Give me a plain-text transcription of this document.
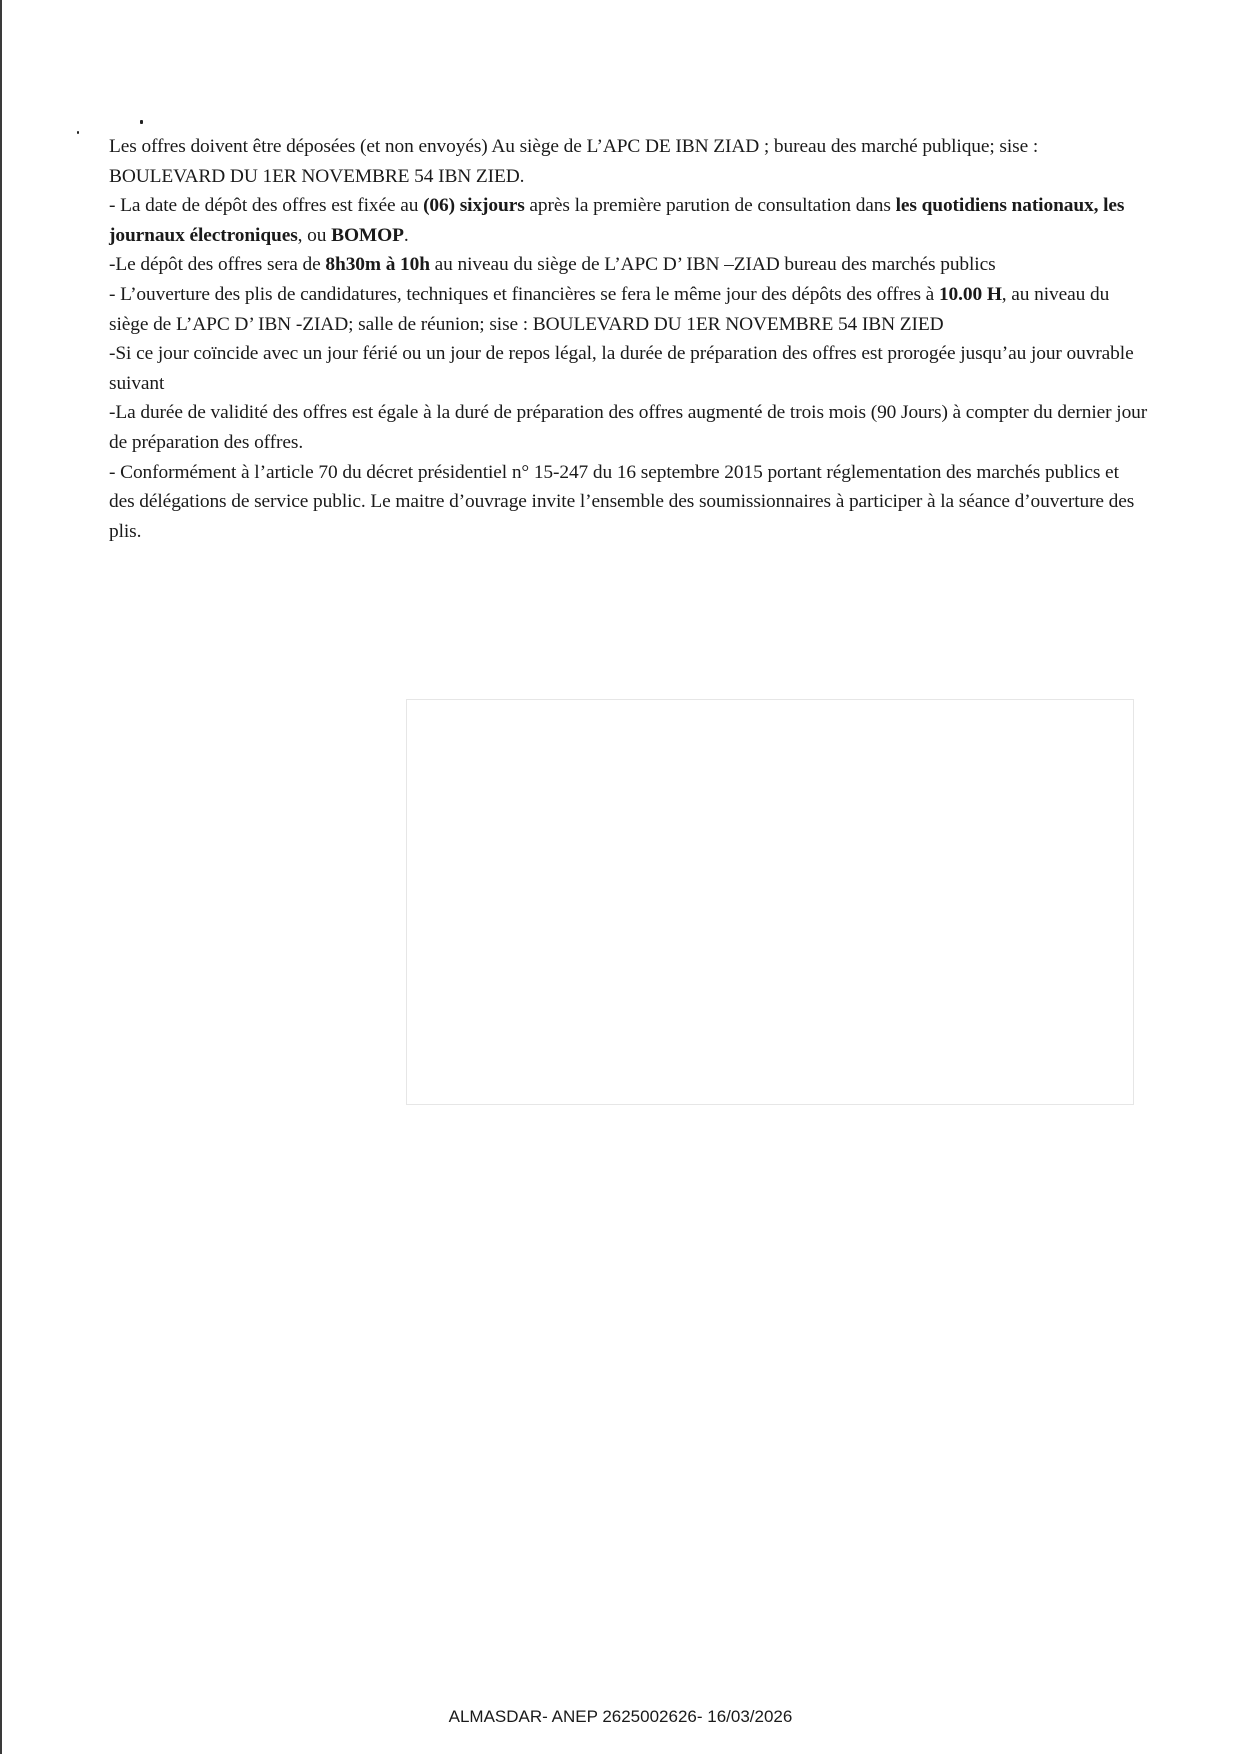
Les offres doivent être déposées (et non envoyés) Au siège de L’APC DE IBN ZIAD ; bureau des marché publique; sise : BOULEVARD DU 1ER NOVEMBRE 54 IBN ZIED.

- La date de dépôt des offres est fixée au (06) sixjours après la première parution de consultation dans les quotidiens nationaux, les journaux électroniques, ou BOMOP.

-Le dépôt des offres sera de 8h30m à 10h au niveau du siège de L’APC D’ IBN –ZIAD bureau des marchés publics

- L’ouverture des plis de candidatures, techniques et financières se fera le même jour des dépôts des offres à 10.00 H, au niveau du siège de L’APC D’ IBN -ZIAD; salle de réunion; sise : BOULEVARD DU 1ER NOVEMBRE 54 IBN ZIED

-Si ce jour coïncide avec un jour férié ou un jour de repos légal, la durée de préparation des offres est prorogée jusqu’au jour ouvrable suivant

-La durée de validité des offres est égale à la duré de préparation des offres augmenté de trois mois (90 Jours) à compter du dernier jour de préparation des offres.

- Conformément à l’article 70 du décret présidentiel n° 15-247 du 16 septembre 2015 portant réglementation des marchés publics et des délégations de service public. Le maitre d’ouvrage invite l’ensemble des soumissionnaires à participer à la séance d’ouverture des plis.

ALMASDAR- ANEP 2625002626- 16/03/2026
